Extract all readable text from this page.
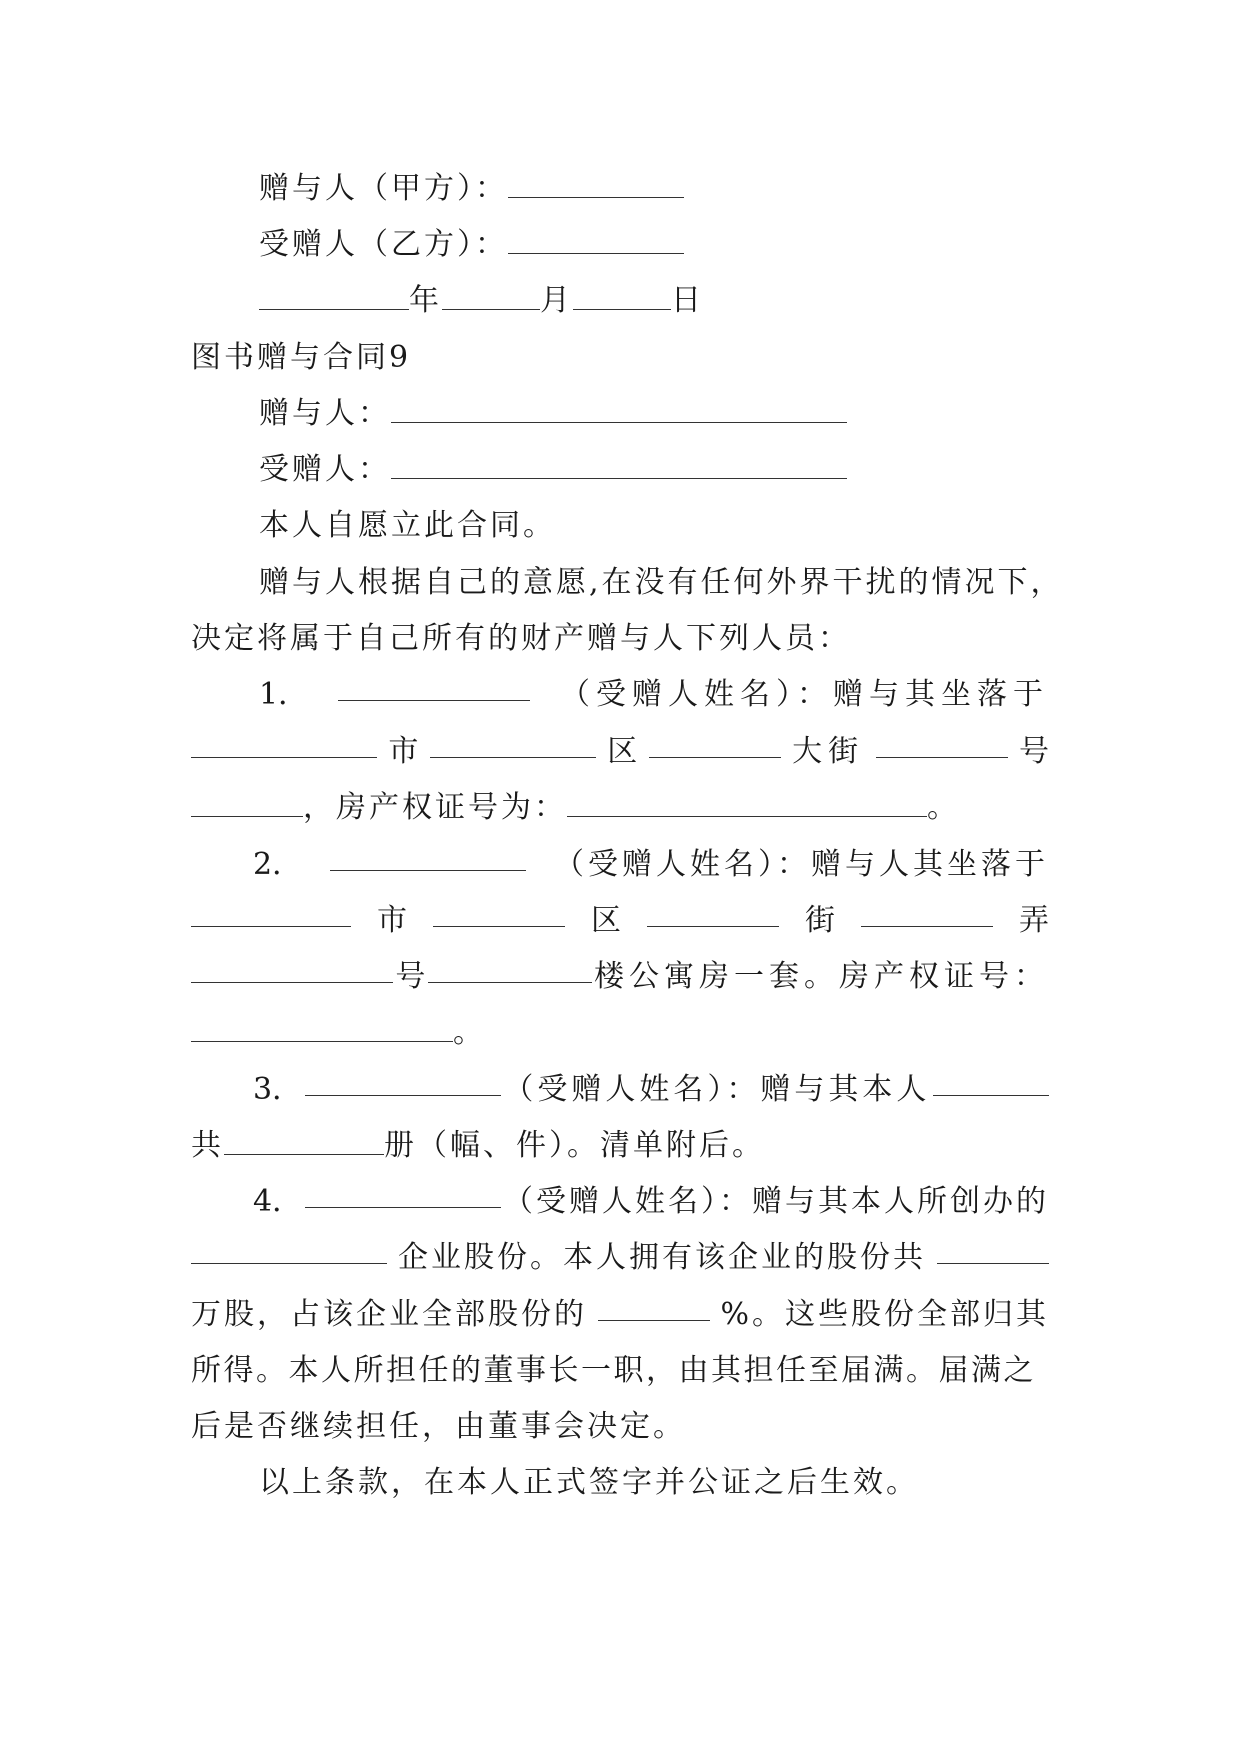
赠与人（甲方）：
受赠人（乙方）：
年	月	日
图书赠与合同9
赠与人：
受赠人：
本人自愿立此合同。
赠与人根据自己的意愿,在没有任何外界干扰的情况下，
决定将属于自己所有的财产赠与人下列人员：
1．	（受赠人姓名）：赠与其坐落于
市	区	大街	号
，房产权证号为：	。
2．	（受赠人姓名）：赠与人其坐落于
市	区	街	弄
号	楼公寓房一套。房产权证号：
。
3．	（受赠人姓名）：赠与其本人
共	册（幅、件）。清单附后。
4．	（受赠人姓名）：赠与其本人所创办的
企业股份。本人拥有该企业的股份共
万股，占该企业全部股份的	%。这些股份全部归其
所得。本人所担任的董事长一职，由其担任至届满。届满之
后是否继续担任，由董事会决定。
以上条款，在本人正式签字并公证之后生效。
